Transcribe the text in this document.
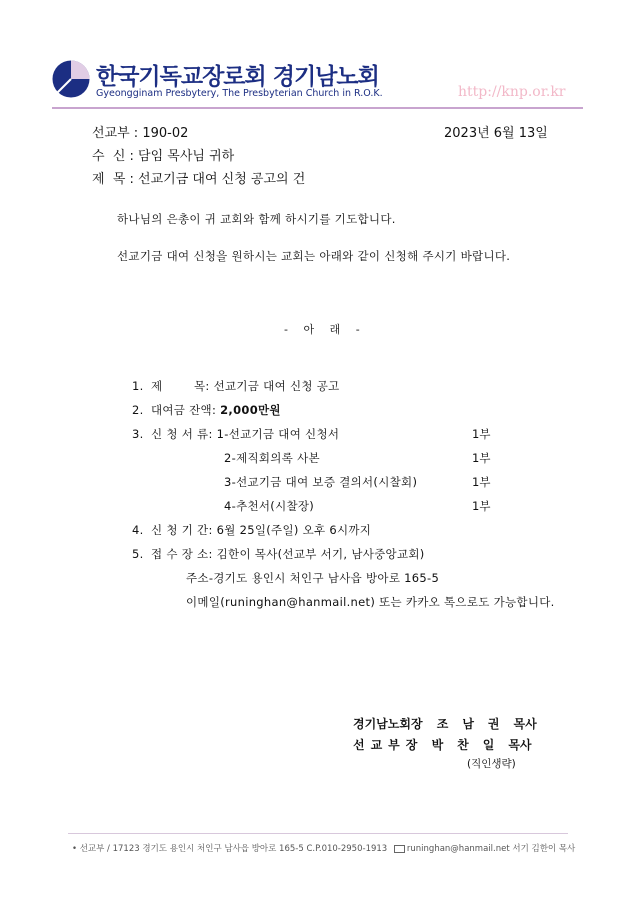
한국기독교장로회 경기남노회
Gyeongginam Presbytery, The Presbyterian Church in R.O.K.	http://knp.or.kr
선교부 : 190-02	2023년 6월 13일
수  신 : 담임 목사님 귀하
제  목 : 선교기금 대여 신청 공고의 건
하나님의 은총이 귀 교회와 함께 하시기를 기도합니다.
선교기금 대여 신청을 원하시는 교회는 아래와 같이 신청해 주시기 바랍니다.
- 아 래 -
1. 제        목: 선교기금 대여 신청 공고
2. 대여금 잔액: 2,000만원
3. 신 청 서 류: 1-선교기금 대여 신청서	1부
2-제직회의록 사본	1부
3-선교기금 대여 보증 결의서(시찰회)	1부
4-추천서(시찰장)	1부
4. 신 청 기 간: 6월 25일(주일) 오후 6시까지
5. 접 수 장 소: 김한이 목사(선교부 서기, 남사중앙교회)
주소-경기도 용인시 처인구 남사읍 방아로 165-5
이메일(runinghan@hanmail.net) 또는 카카오 톡으로도 가능합니다.
경기남노회장 조남권목사
선교부장 박찬일목사
(직인생략)
• 선교부 / 17123 경기도 용인시 처인구 남사읍 방아로 165-5 C.P.010-2950-1913 runinghan@hanmail.net 서기 김한이 목사
